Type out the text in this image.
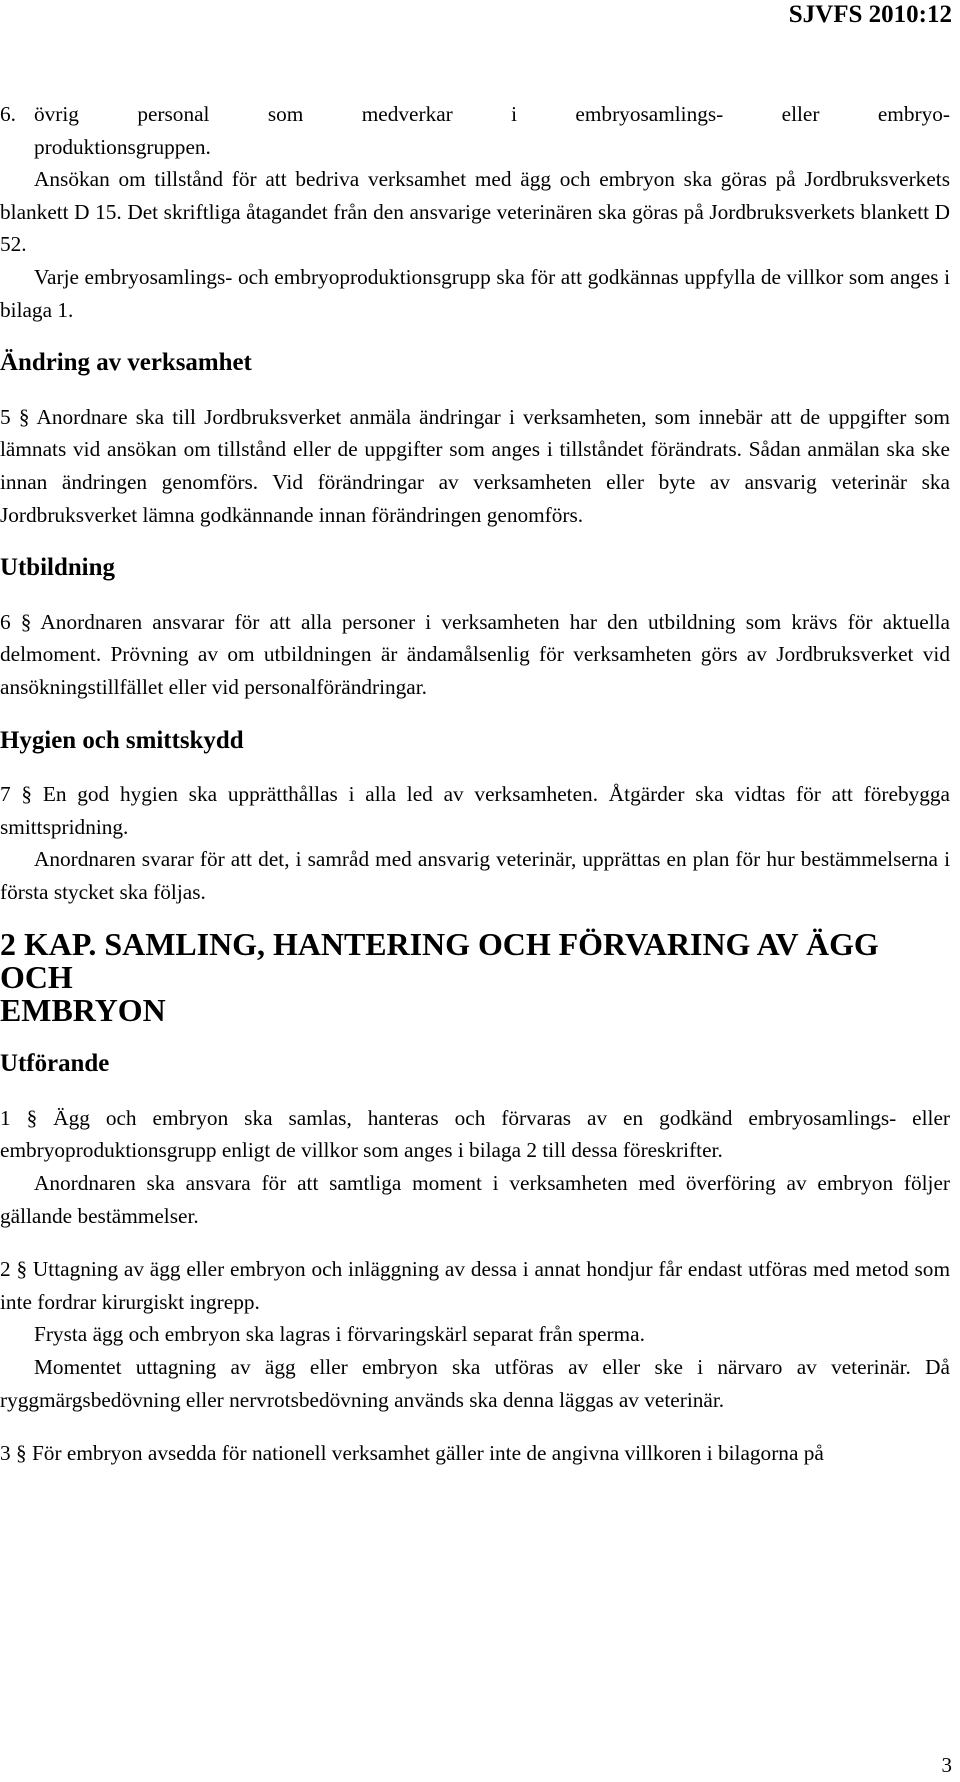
SJVFS 2010:12
6. övrig personal som medverkar i embryosamlings- eller embryo-

produktionsgruppen.

Ansökan om tillstånd för att bedriva verksamhet med ägg och embryon ska göras på Jordbruksverkets blankett D 15. Det skriftliga åtagandet från den ansvarige veterinären ska göras på Jordbruksverkets blankett D 52.

Varje embryosamlings- och embryoproduktionsgrupp ska för att godkännas uppfylla de villkor som anges i bilaga 1.

Ändring av verksamhet

5 § Anordnare ska till Jordbruksverket anmäla ändringar i verksamheten, som innebär att de uppgifter som lämnats vid ansökan om tillstånd eller de uppgifter som anges i tillståndet förändrats. Sådan anmälan ska ske innan ändringen genomförs. Vid förändringar av verksamheten eller byte av ansvarig veterinär ska Jordbruksverket lämna godkännande innan förändringen genomförs.

Utbildning

6 § Anordnaren ansvarar för att alla personer i verksamheten har den utbildning som krävs för aktuella delmoment. Prövning av om utbildningen är ändamålsenlig för verksamheten görs av Jordbruksverket vid ansökningstillfället eller vid personalförändringar.

Hygien och smittskydd

7 § En god hygien ska upprätthållas i alla led av verksamheten. Åtgärder ska vidtas för att förebygga smittspridning.

Anordnaren svarar för att det, i samråd med ansvarig veterinär, upprättas en plan för hur bestämmelserna i första stycket ska följas.

2 KAP. SAMLING, HANTERING OCH FÖRVARING AV ÄGG OCH
EMBRYON
Utförande

1 § Ägg och embryon ska samlas, hanteras och förvaras av en godkänd embryosamlings- eller embryoproduktionsgrupp enligt de villkor som anges i bilaga 2 till dessa föreskrifter.

Anordnaren ska ansvara för att samtliga moment i verksamheten med överföring av embryon följer gällande bestämmelser.

2 § Uttagning av ägg eller embryon och inläggning av dessa i annat hondjur får endast utföras med metod som inte fordrar kirurgiskt ingrepp.

Frysta ägg och embryon ska lagras i förvaringskärl separat från sperma.

Momentet uttagning av ägg eller embryon ska utföras av eller ske i närvaro av veterinär. Då ryggmärgsbedövning eller nervrotsbedövning används ska denna läggas av veterinär.

3 § För embryon avsedda för nationell verksamhet gäller inte de angivna villkoren i bilagorna på

3
